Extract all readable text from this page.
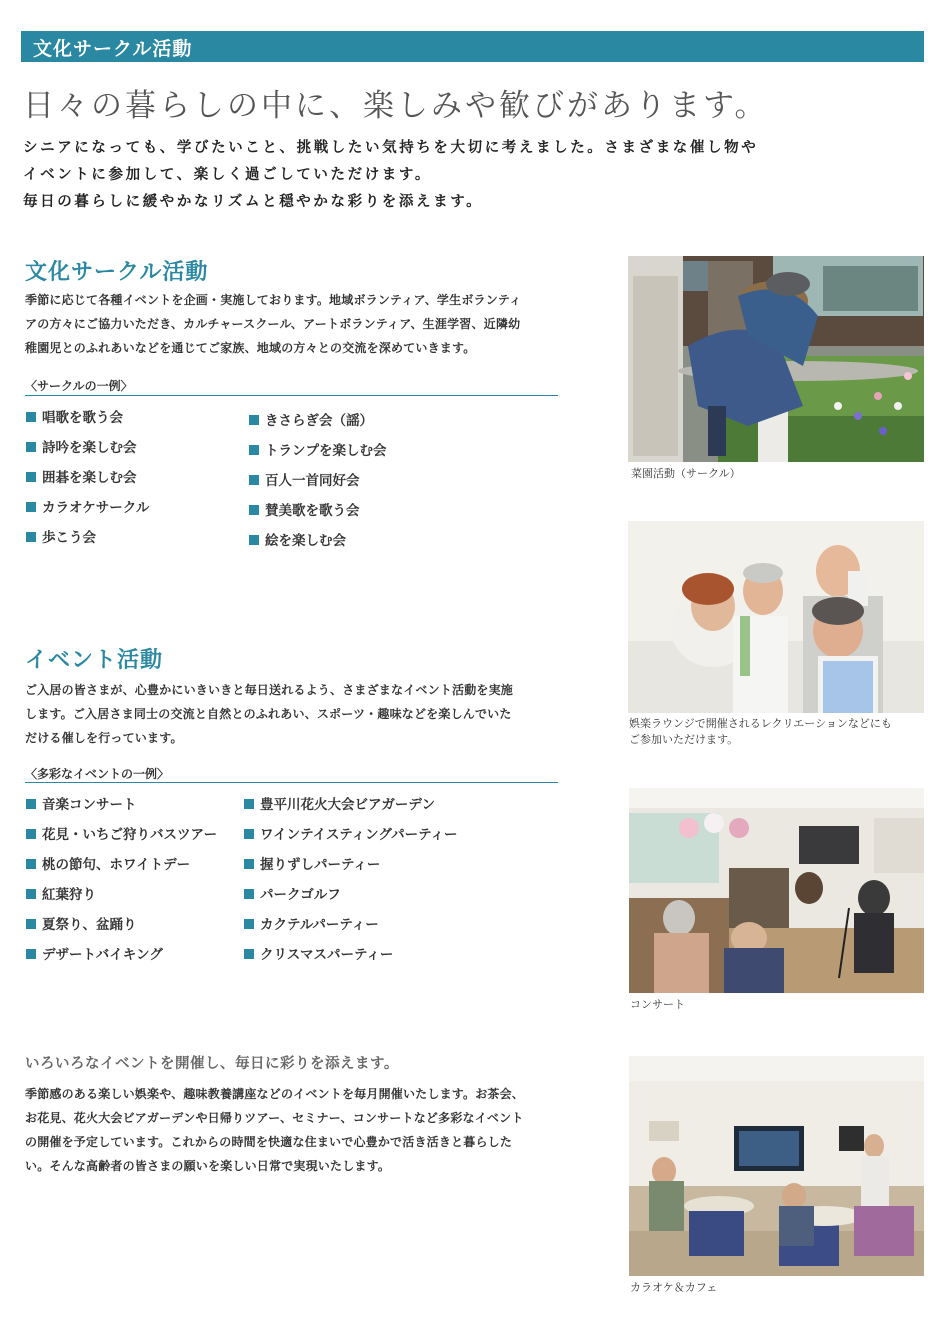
文化サークル活動
日々の暮らしの中に、楽しみや歓びがあります。
シニアになっても、学びたいこと、挑戦したい気持ちを大切に考えました。さまざまな催し物や
イベントに参加して、楽しく過ごしていただけます。
毎日の暮らしに緩やかなリズムと穏やかな彩りを添えます。
文化サークル活動
季節に応じて各種イベントを企画・実施しております。地域ボランティア、学生ボランティ
アの方々にご協力いただき、カルチャースクール、アートボランティア、生涯学習、近隣幼
稚園児とのふれあいなどを通じてご家族、地域の方々との交流を深めていきます。
〈サークルの一例〉
唱歌を歌う会
詩吟を楽しむ会
囲碁を楽しむ会
カラオケサークル
歩こう会
きさらぎ会（謡）
トランプを楽しむ会
百人一首同好会
賛美歌を歌う会
絵を楽しむ会
イベント活動
ご入居の皆さまが、心豊かにいきいきと毎日送れるよう、さまざまなイベント活動を実施
します。ご入居さま同士の交流と自然とのふれあい、スポーツ・趣味などを楽しんでいた
だける催しを行っています。
〈多彩なイベントの一例〉
音楽コンサート
花見・いちご狩りバスツアー
桃の節句、ホワイトデー
紅葉狩り
夏祭り、盆踊り
デザートバイキング
豊平川花火大会ビアガーデン
ワインテイスティングパーティー
握りずしパーティー
パークゴルフ
カクテルパーティー
クリスマスパーティー
いろいろなイベントを開催し、毎日に彩りを添えます。
季節感のある楽しい娯楽や、趣味教養講座などのイベントを毎月開催いたします。お茶会、
お花見、花火大会ビアガーデンや日帰りツアー、セミナー、コンサートなど多彩なイベント
の開催を予定しています。これからの時間を快適な住まいで心豊かで活き活きと暮らした
い。そんな高齢者の皆さまの願いを楽しい日常で実現いたします。
菜園活動（サークル）
娯楽ラウンジで開催されるレクリエーションなどにも
ご参加いただけます。
コンサート
カラオケ＆カフェ
